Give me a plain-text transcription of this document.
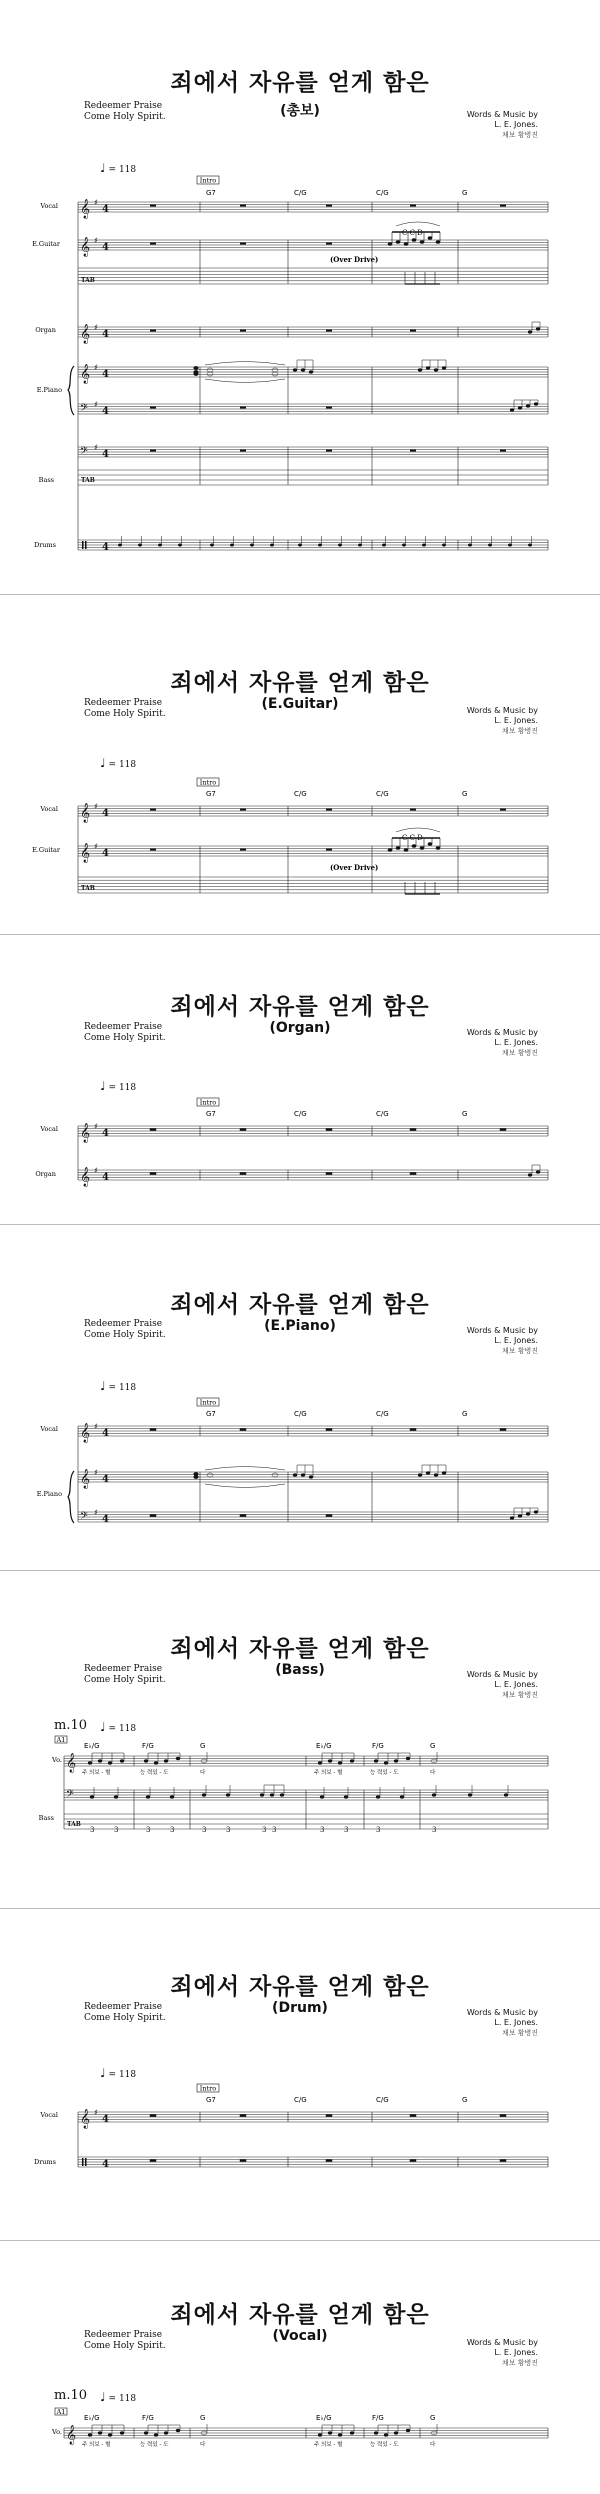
죄에서 자유를 얻게 함은
(총보)
Redeemer Praise
Come Holy Spirit.	Words & Music by
L. E. Jones.
채보 황병진
♩ = 118
Intro
G7	C/G	C/G	G
Vocal
E.Guitar
Organ
E.Piano
Bass
Drums
(Over Drive)
C C D
𝄞
𝄞
𝄞
𝄞
𝄢
𝄢
TAB
TAB
♯
4
♯
4
♯
4
♯
4
♯
4
♯
4
4
죄에서 자유를 얻게 함은
(E.Guitar)
Redeemer Praise
Come Holy Spirit.	Words & Music by
L. E. Jones.
채보 황병진
♩ = 118
Intro
G7	C/G	C/G	G
Vocal
E.Guitar
(Over Drive)
C C D
𝄞
𝄞
TAB
♯
4
♯
4
죄에서 자유를 얻게 함은
(Organ)
Redeemer Praise
Come Holy Spirit.
Words & Music by
L. E. Jones.
채보 황병진
♩ = 118
Intro
G7	C/G	C/G	G
Vocal
Organ
𝄞
𝄞
♯
4
♯
4
죄에서 자유를 얻게 함은
(E.Piano)
Redeemer Praise
Come Holy Spirit.	Words & Music by
L. E. Jones.
채보 황병진
♩ = 118
Intro
G7	C/G	C/G	G
Vocal
E.Piano
𝄞
𝄞
𝄢
♯
4
♯
4
♯
4
죄에서 자유를 얻게 함은
(Bass)
Redeemer Praise
Come Holy Spirit.
Words & Music by
L. E. Jones.
채보 황병진
m.10 ♩ = 118
A1
E♭/G	F/G	G	E♭/G	F/G	G
Vo.
Bass
주 의보 - 혈	능 력있 - 도	다	주 의보 - 혈	능 력있 - 도	다
𝄞
𝄢
TAB
3	3	3	3	3	3	3 3	3	3	3	3
죄에서 자유를 얻게 함은
(Drum)
Redeemer Praise
Come Holy Spirit.
Words & Music by
L. E. Jones.
채보 황병진
♩ = 118
Intro
G7	C/G	C/G	G
Vocal
Drums
𝄞 ♯
4
4
죄에서 자유를 얻게 함은
(Vocal)
Redeemer Praise
Come Holy Spirit.	Words & Music by
L. E. Jones.
채보 황병진
m.10 ♩ = 118
A1
E♭/G	F/G	G	E♭/G	F/G	G
Vo.
주 의보 - 혈	능 력있 - 도	다	주 의보 - 혈	능 력있 - 도	다
𝄞
